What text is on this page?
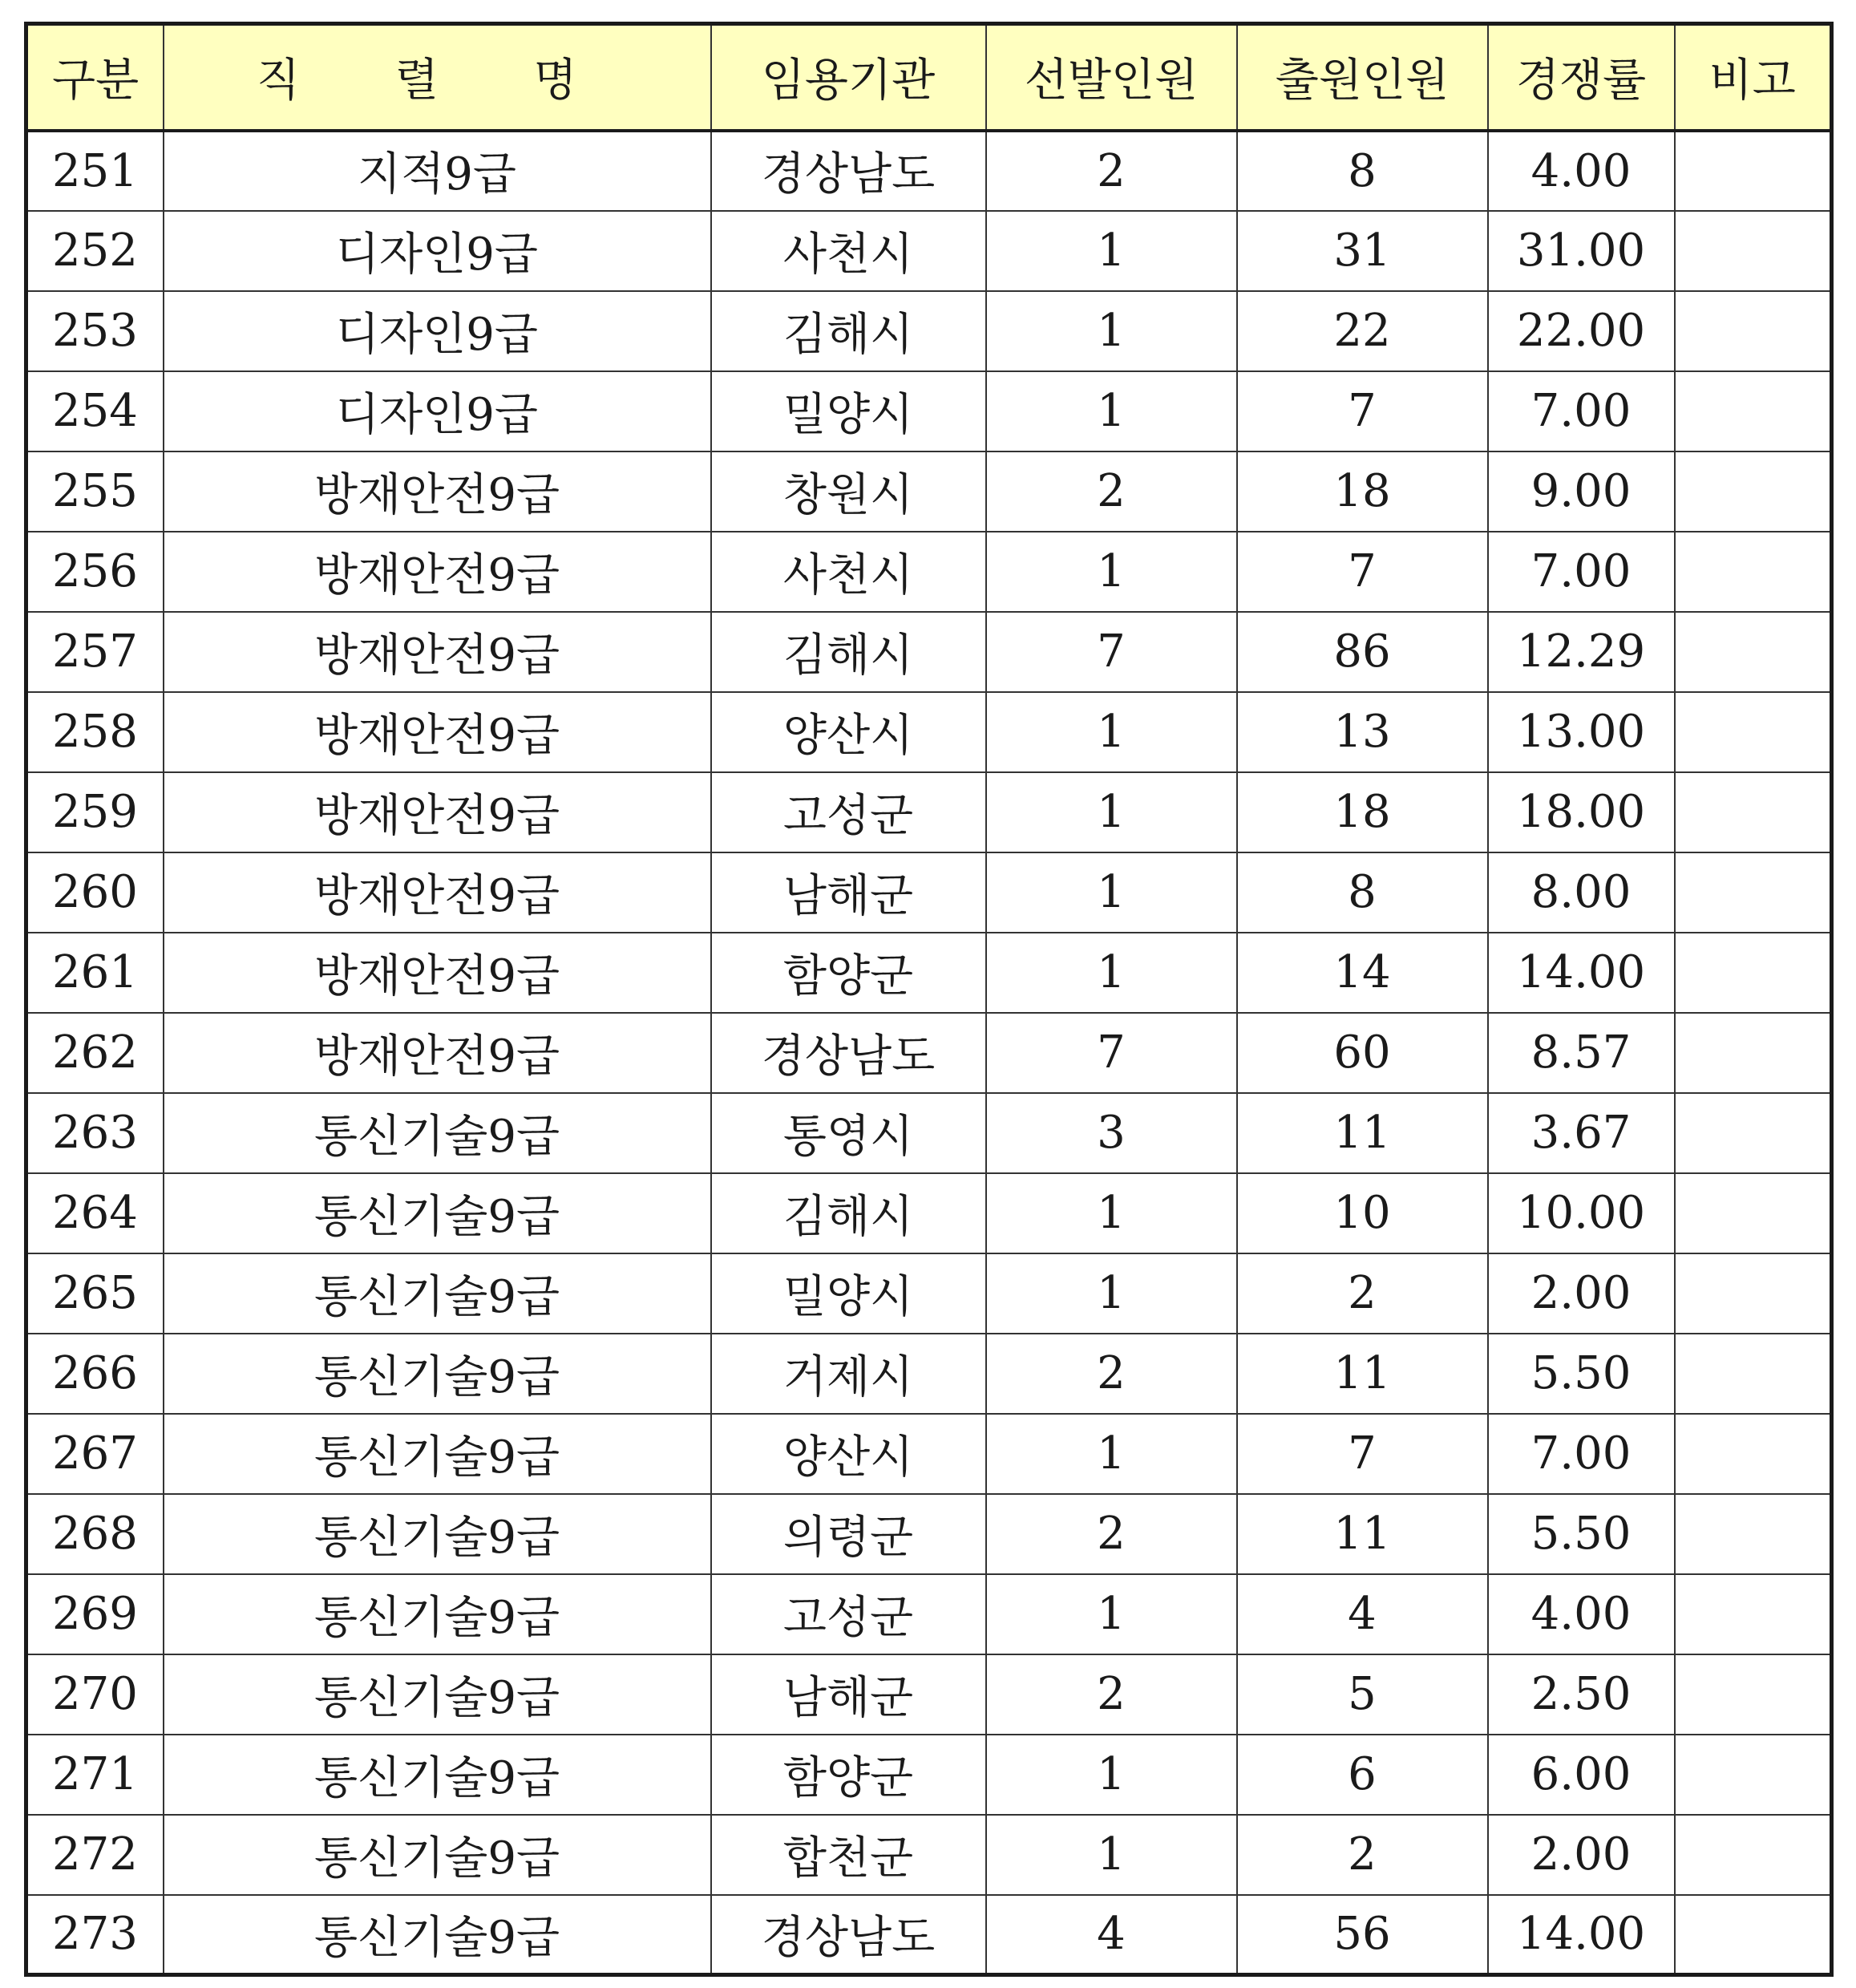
구분	직 렬 명	임용기관	선발인원	출원인원	경쟁률	비고
251	지적9급	경상남도	2	8	4.00	
252	디자인9급	사천시	1	31	31.00	
253	디자인9급	김해시	1	22	22.00	
254	디자인9급	밀양시	1	7	7.00	
255	방재안전9급	창원시	2	18	9.00	
256	방재안전9급	사천시	1	7	7.00	
257	방재안전9급	김해시	7	86	12.29	
258	방재안전9급	양산시	1	13	13.00	
259	방재안전9급	고성군	1	18	18.00	
260	방재안전9급	남해군	1	8	8.00	
261	방재안전9급	함양군	1	14	14.00	
262	방재안전9급	경상남도	7	60	8.57	
263	통신기술9급	통영시	3	11	3.67	
264	통신기술9급	김해시	1	10	10.00	
265	통신기술9급	밀양시	1	2	2.00	
266	통신기술9급	거제시	2	11	5.50	
267	통신기술9급	양산시	1	7	7.00	
268	통신기술9급	의령군	2	11	5.50	
269	통신기술9급	고성군	1	4	4.00	
270	통신기술9급	남해군	2	5	2.50	
271	통신기술9급	함양군	1	6	6.00	
272	통신기술9급	합천군	1	2	2.00	
273	통신기술9급	경상남도	4	56	14.00	
